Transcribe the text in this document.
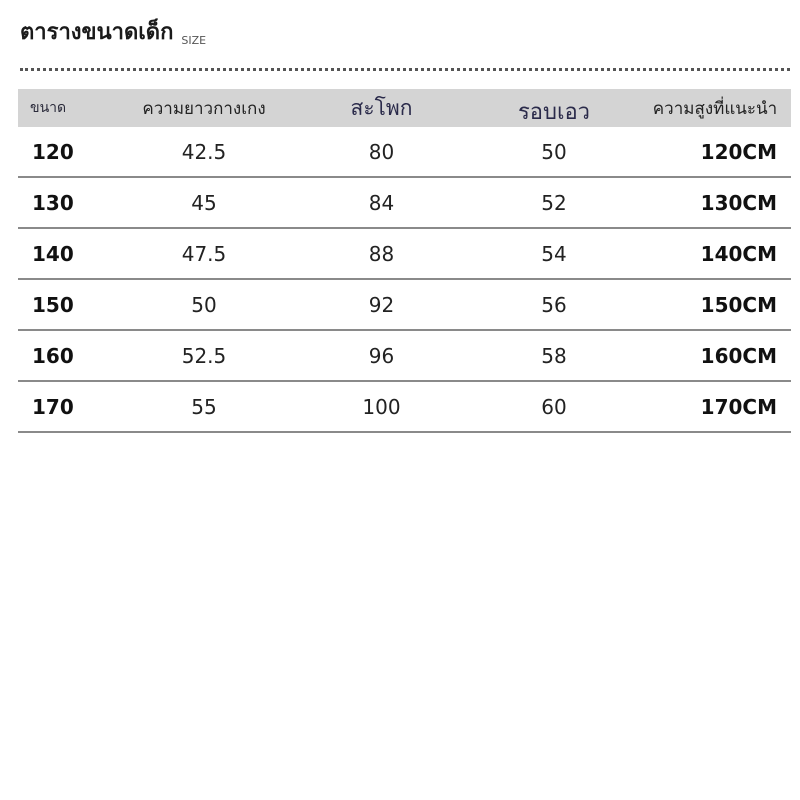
ตารางขนาดเด็ก SIZE
ขนาด	ความยาวกางเกง	สะโพก	รอบเอว	ความสูงที่แนะนำ
120	42.5	80	50	120CM
130	45	84	52	130CM
140	47.5	88	54	140CM
150	50	92	56	150CM
160	52.5	96	58	160CM
170	55	100	60	170CM
